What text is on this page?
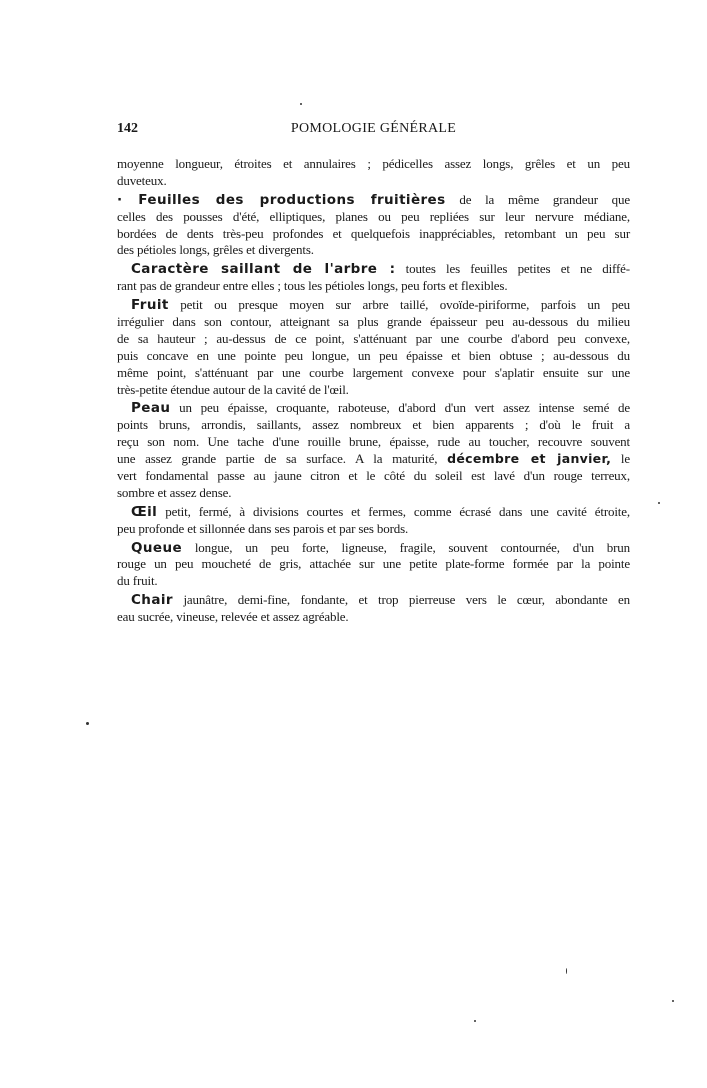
142	POMOLOGIE GÉNÉRALE
moyenne longueur, étroites et annulaires ; pédicelles assez longs, grêles et un peu
duveteux.
· Feuilles des productions fruitières de la même grandeur que
celles des pousses d'été, elliptiques, planes ou peu repliées sur leur nervure médiane,
bordées de dents très-peu profondes et quelquefois inappréciables, retombant un peu sur
des pétioles longs, grêles et divergents.
Caractère saillant de l'arbre : toutes les feuilles petites et ne diffé-
rant pas de grandeur entre elles ; tous les pétioles longs, peu forts et flexibles.
Fruit petit ou presque moyen sur arbre taillé, ovoïde-piriforme, parfois un peu
irrégulier dans son contour, atteignant sa plus grande épaisseur peu au-dessous du milieu
de sa hauteur ; au-dessus de ce point, s'atténuant par une courbe d'abord peu convexe,
puis concave en une pointe peu longue, un peu épaisse et bien obtuse ; au-dessous du
même point, s'atténuant par une courbe largement convexe pour s'aplatir ensuite sur une
très-petite étendue autour de la cavité de l'œil.
Peau un peu épaisse, croquante, raboteuse, d'abord d'un vert assez intense semé de
points bruns, arrondis, saillants, assez nombreux et bien apparents ; d'où le fruit a
reçu son nom. Une tache d'une rouille brune, épaisse, rude au toucher, recouvre souvent
une assez grande partie de sa surface. A la maturité, décembre et janvier, le
vert fondamental passe au jaune citron et le côté du soleil est lavé d'un rouge terreux,
sombre et assez dense.
Œil petit, fermé, à divisions courtes et fermes, comme écrasé dans une cavité étroite,
peu profonde et sillonnée dans ses parois et par ses bords.
Queue longue, un peu forte, ligneuse, fragile, souvent contournée, d'un brun
rouge un peu moucheté de gris, attachée sur une petite plate-forme formée par la pointe
du fruit.
Chair jaunâtre, demi-fine, fondante, et trop pierreuse vers le cœur, abondante en
eau sucrée, vineuse, relevée et assez agréable.
